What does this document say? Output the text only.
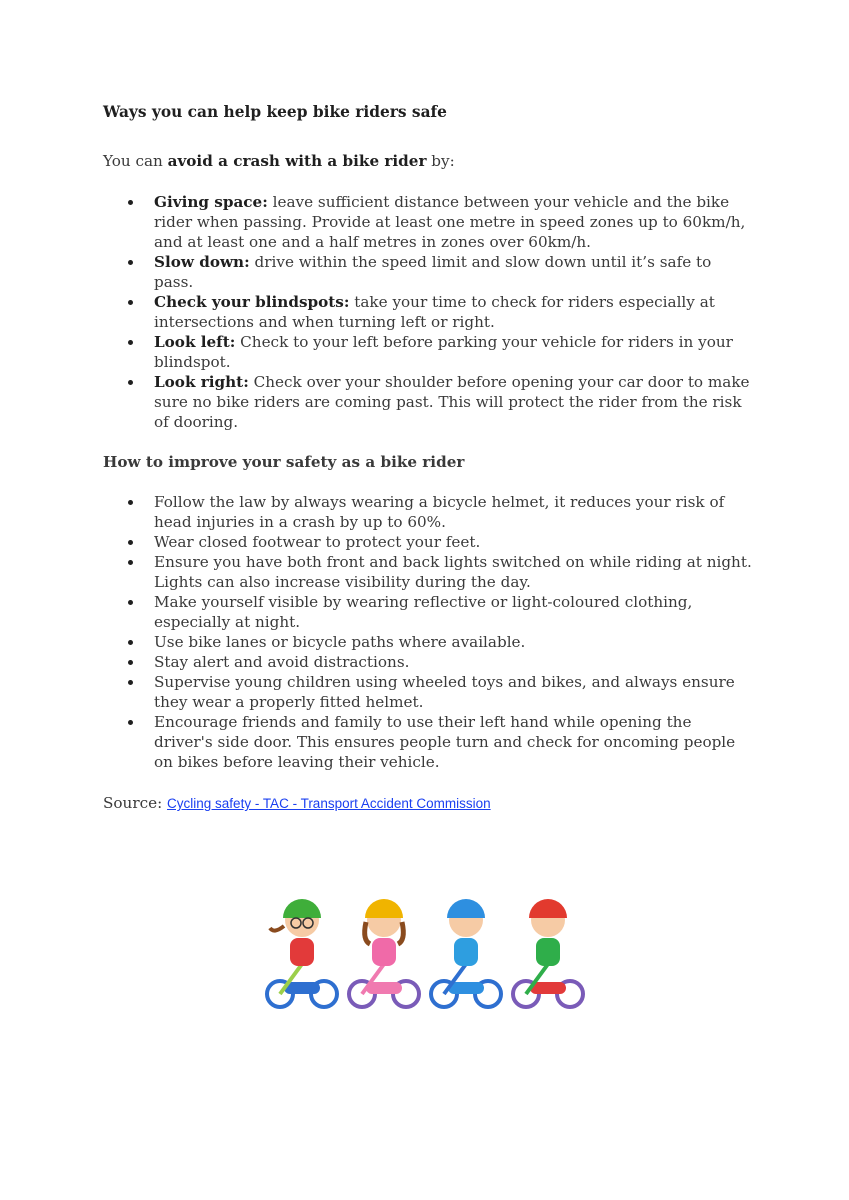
Ways you can help keep bike riders safe

You can avoid a crash with a bike rider by:

Giving space: leave sufficient distance between your vehicle and the bike rider when passing. Provide at least one metre in speed zones up to 60km/h, and at least one and a half metres in zones over 60km/h.
Slow down: drive within the speed limit and slow down until it’s safe to pass.
Check your blindspots: take your time to check for riders especially at intersections and when turning left or right.
Look left: Check to your left before parking your vehicle for riders in your blindspot.
Look right: Check over your shoulder before opening your car door to make sure no bike riders are coming past. This will protect the rider from the risk of dooring.
How to improve your safety as a bike rider
Follow the law by always wearing a bicycle helmet, it reduces your risk of head injuries in a crash by up to 60%.
Wear closed footwear to protect your feet.
Ensure you have both front and back lights switched on while riding at night. Lights can also increase visibility during the day.
Make yourself visible by wearing reflective or light-coloured clothing, especially at night.
Use bike lanes or bicycle paths where available.
Stay alert and avoid distractions.
Supervise young children using wheeled toys and bikes, and always ensure they wear a properly fitted helmet.
Encourage friends and family to use their left hand while opening the driver's side door. This ensures people turn and check for oncoming people on bikes before leaving their vehicle.

Source: Cycling safety - TAC - Transport Accident Commission
